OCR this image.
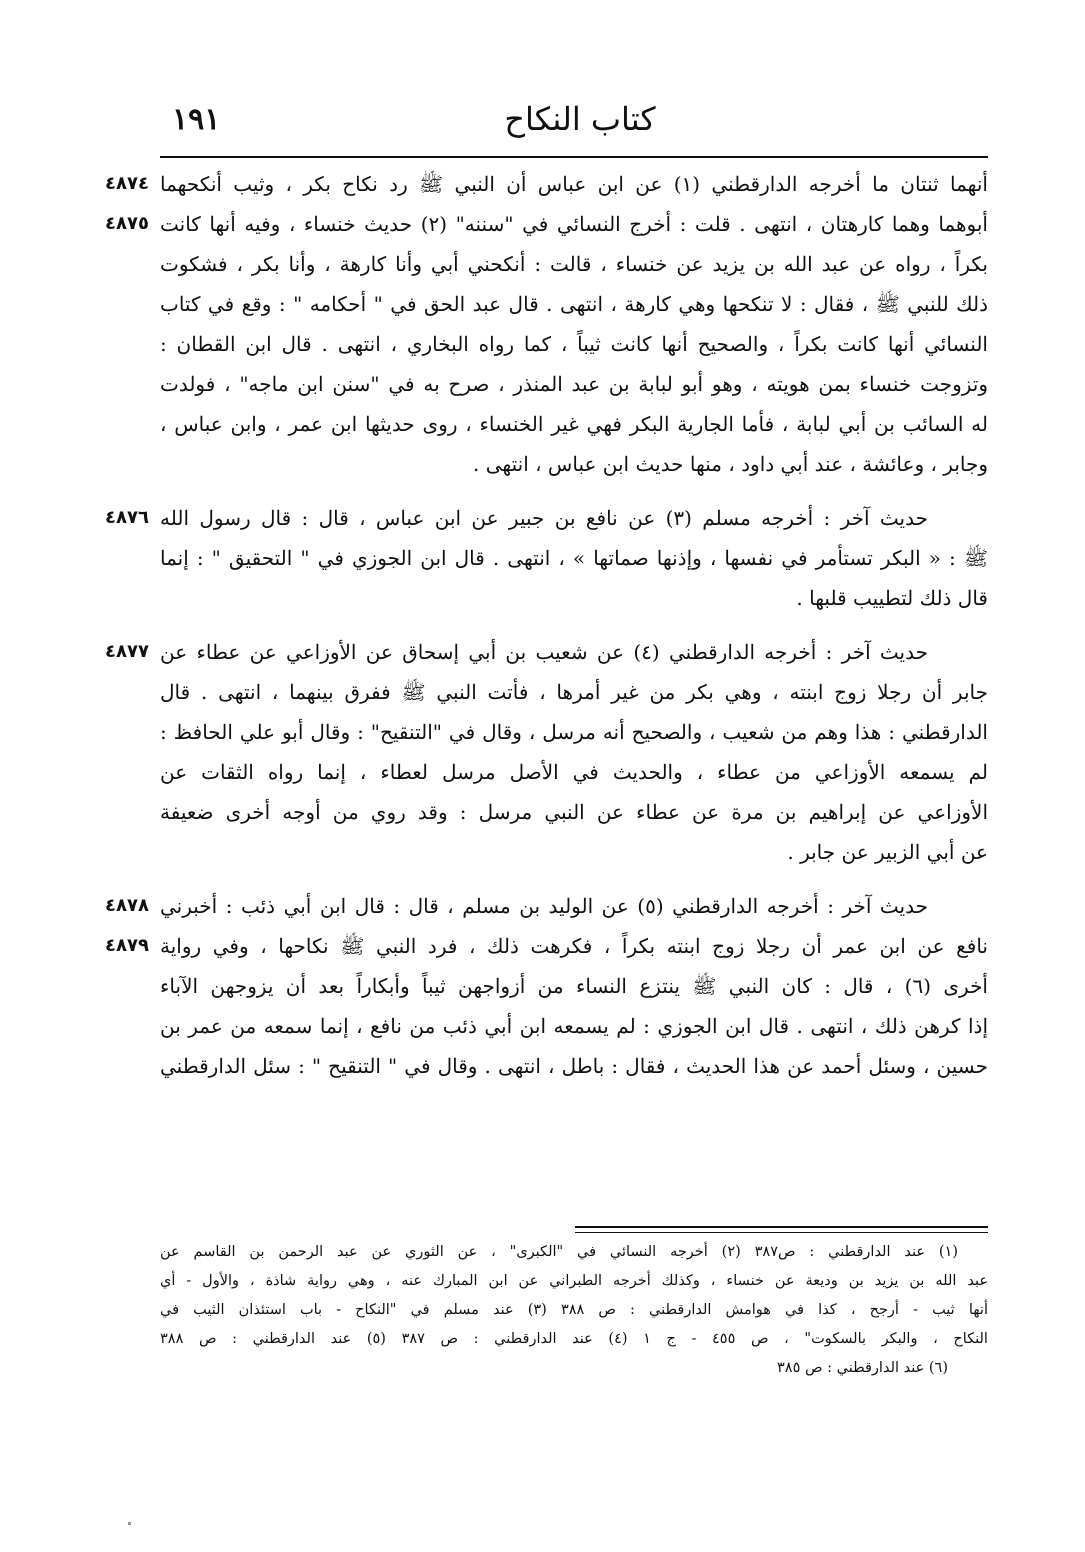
١٩١	كتاب النكاح
٤٨٧٤ أنهما ثنتان ما أخرجه الدارقطني (١) عن ابن عباس أن النبي ﷺ رد نكاح بكر ، وثيب أنكحهما
٤٨٧٥ أبوهما وهما كارهتان ، انتهى . قلت : أخرج النسائي في "سننه" (٢) حديث خنساء ، وفيه أنها كانت
بكراً ، رواه عن عبد الله بن يزيد عن خنساء ، قالت : أنكحني أبي وأنا كارهة ، وأنا بكر ، فشكوت
ذلك للنبي ﷺ ، فقال : لا تنكحها وهي كارهة ، انتهى . قال عبد الحق في " أحكامه " : وقع في كتاب
النسائي أنها كانت بكراً ، والصحيح أنها كانت ثيباً ، كما رواه البخاري ، انتهى . قال ابن القطان :
وتزوجت خنساء بمن هويته ، وهو أبو لبابة بن عبد المنذر ، صرح به في "سنن ابن ماجه" ، فولدت
له السائب بن أبي لبابة ، فأما الجارية البكر فهي غير الخنساء ، روى حديثها ابن عمر ، وابن عباس ،
وجابر ، وعائشة ، عند أبي داود ، منها حديث ابن عباس ، انتهى .
٤٨٧٦ حديث آخر : أخرجه مسلم (٣) عن نافع بن جبير عن ابن عباس ، قال : قال رسول الله
ﷺ : « البكر تستأمر في نفسها ، وإذنها صماتها » ، انتهى . قال ابن الجوزي في " التحقيق " : إنما
قال ذلك لتطييب قلبها .
٤٨٧٧ حديث آخر : أخرجه الدارقطني (٤) عن شعيب بن أبي إسحاق عن الأوزاعي عن عطاء عن
جابر أن رجلا زوج ابنته ، وهي بكر من غير أمرها ، فأتت النبي ﷺ ففرق بينهما ، انتهى . قال
الدارقطني : هذا وهم من شعيب ، والصحيح أنه مرسل ، وقال في "التنقيح" : وقال أبو علي الحافظ :
لم يسمعه الأوزاعي من عطاء ، والحديث في الأصل مرسل لعطاء ، إنما رواه الثقات عن
الأوزاعي عن إبراهيم بن مرة عن عطاء عن النبي مرسل : وقد روي من أوجه أخرى ضعيفة
عن أبي الزبير عن جابر .
٤٨٧٨ حديث آخر : أخرجه الدارقطني (٥) عن الوليد بن مسلم ، قال : قال ابن أبي ذئب : أخبرني
٤٨٧٩ نافع عن ابن عمر أن رجلا زوج ابنته بكراً ، فكرهت ذلك ، فرد النبي ﷺ نكاحها ، وفي رواية
أخرى (٦) ، قال : كان النبي ﷺ ينتزع النساء من أزواجهن ثيباً وأبكاراً بعد أن يزوجهن الآباء
إذا كرهن ذلك ، انتهى . قال ابن الجوزي : لم يسمعه ابن أبي ذئب من نافع ، إنما سمعه من عمر بن
حسين ، وسئل أحمد عن هذا الحديث ، فقال : باطل ، انتهى . وقال في " التنقيح " : سئل الدارقطني
(١) عند الدارقطني : ص٣٨٧ (٢) أخرجه النسائي في "الكبرى" ، عن الثوري عن عبد الرحمن بن القاسم عن
عبد الله بن يزيد بن وديعة عن خنساء ، وكذلك أخرجه الطبراني عن ابن المبارك عنه ، وهي رواية شاذة ، والأول - أي
أنها ثيب - أرجح ، كذا في هوامش الدارقطني : ص ٣٨٨ (٣) عند مسلم في "النكاح - باب استئذان الثيب في
النكاح ، والبكر بالسكوت" ، ص ٤٥٥ - ج ١ (٤) عند الدارقطني : ص ٣٨٧ (٥) عند الدارقطني : ص ٣٨٨
(٦) عند الدارقطني : ص ٣٨٥
